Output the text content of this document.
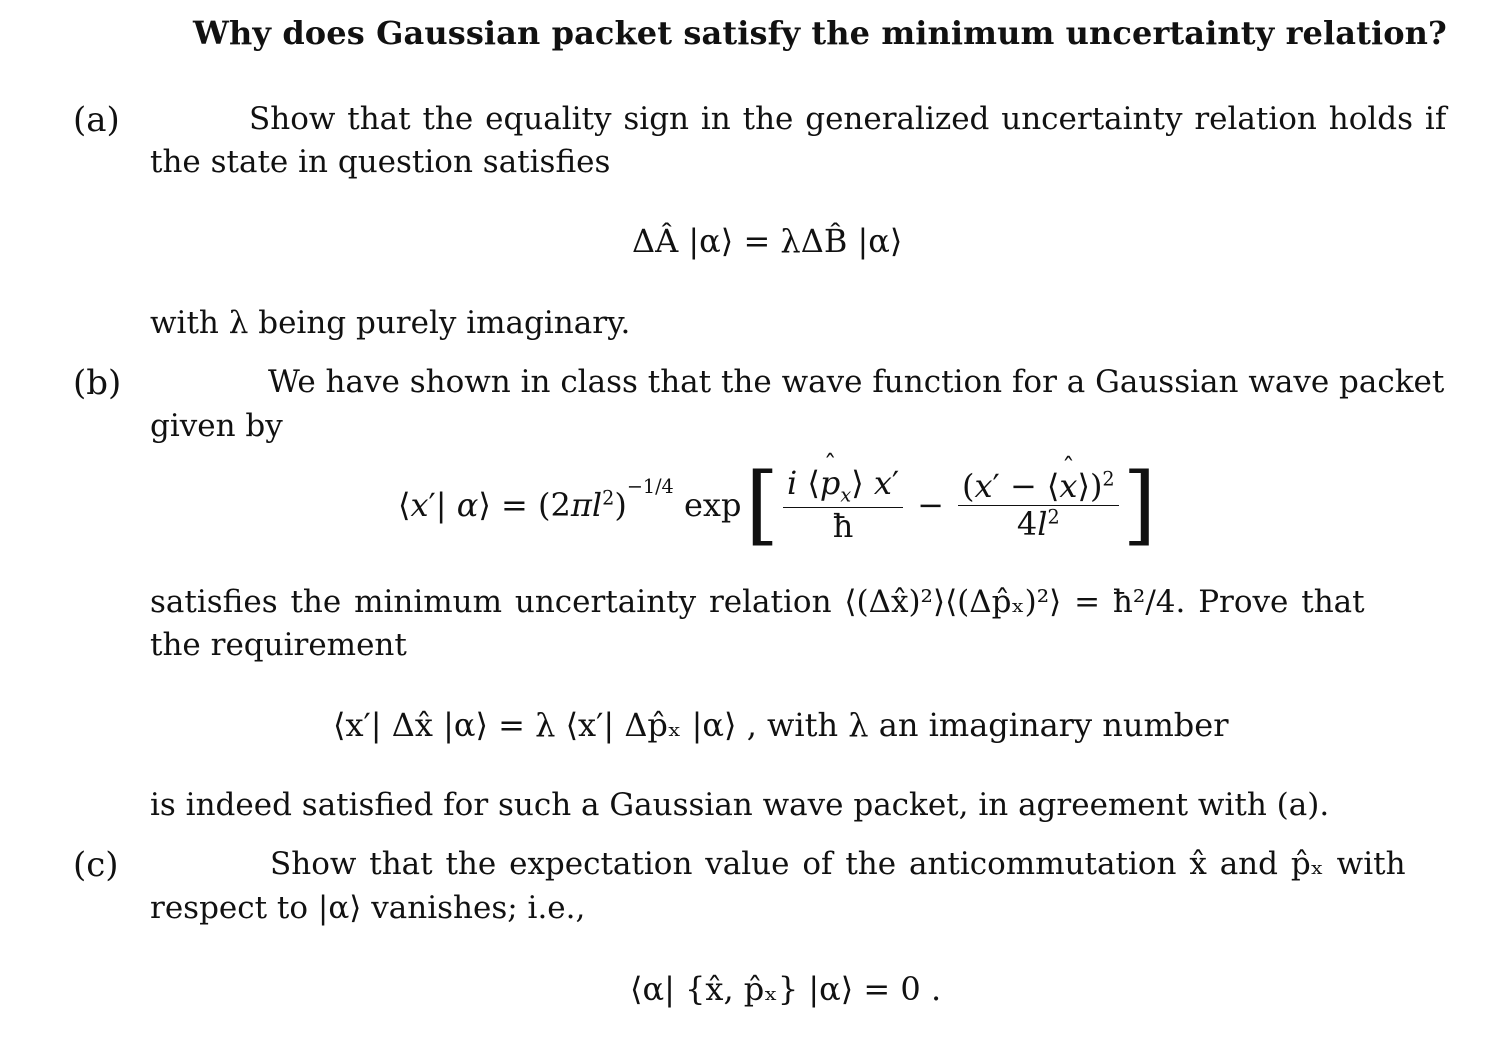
Why does Gaussian packet satisfy the minimum uncertainty relation?
(a)	Show that the equality sign in the generalized uncertainty relation holds if
the state in question satisfies
ΔÂ |α⟩ = λΔB̂ |α⟩
with λ being purely imaginary.
(b)	We have shown in class that the wave function for a Gaussian wave packet
given by
⟨x′| α⟩ = $(2\pi l^2)^{-1/4}$ exp [ $\frac{i ⟨ˆ p_x⟩ x'}{ħ} - \frac{(x' - ⟨ˆ x⟩)^2}{4l^2}$ ]
satisfies the minimum uncertainty relation ⟨(Δx̂)²⟩⟨(Δp̂ₓ)²⟩ = ħ²/4. Prove that
the requirement
⟨x′| Δx̂ |α⟩ = λ ⟨x′| Δp̂ₓ |α⟩ , with λ an imaginary number
is indeed satisfied for such a Gaussian wave packet, in agreement with (a).
(c)	Show that the expectation value of the anticommutation x̂ and p̂ₓ with
respect to |α⟩ vanishes; i.e.,
⟨α| {x̂, p̂ₓ} |α⟩ = 0 .
